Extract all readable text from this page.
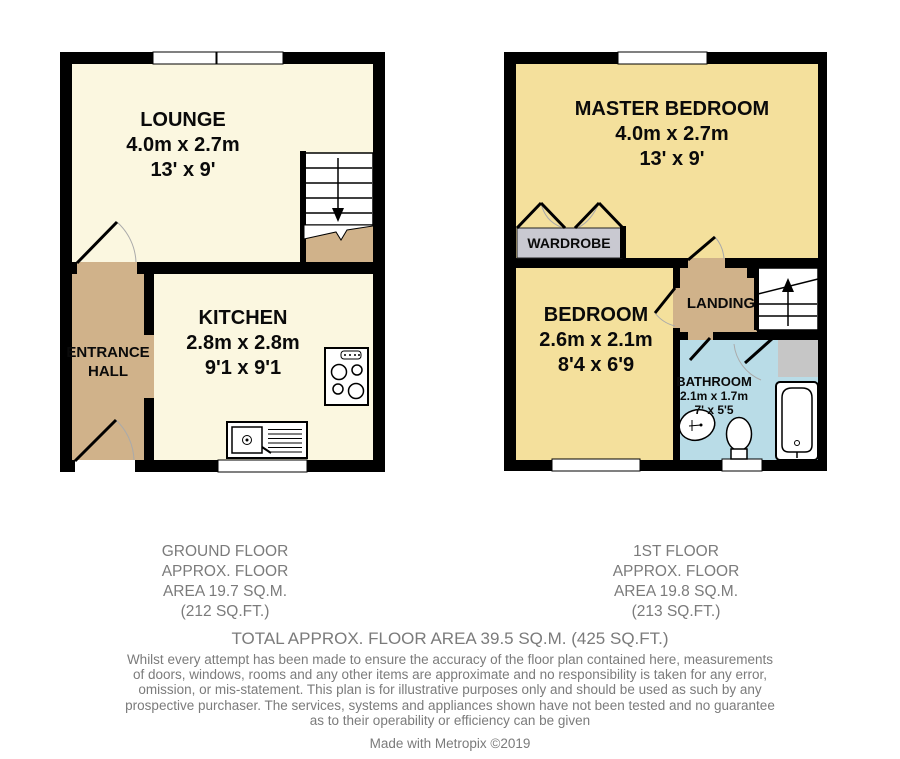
LOUNGE
4.0m x 2.7m
13' x 9'
KITCHEN
2.8m x 2.8m
9'1 x 9'1
ENTRANCE
HALL
MASTER BEDROOM
4.0m x 2.7m
13' x 9'
BEDROOM
2.6m x 2.1m
8'4 x 6'9
LANDING
BATHROOM
2.1m x 1.7m
7' x 5'5
WARDROBE
GROUND FLOOR
APPROX. FLOOR
AREA 19.7 SQ.M.
(212 SQ.FT.)
1ST FLOOR
APPROX. FLOOR
AREA 19.8 SQ.M.
(213 SQ.FT.)
TOTAL APPROX. FLOOR AREA 39.5 SQ.M. (425 SQ.FT.)
Whilst every attempt has been made to ensure the accuracy of the floor plan contained here, measurements
of doors, windows, rooms and any other items are approximate and no responsibility is taken for any error,
omission, or mis-statement. This plan is for illustrative purposes only and should be used as such by any
prospective purchaser. The services, systems and appliances shown have not been tested and no guarantee
as to their operability or efficiency can be given
Made with Metropix ©2019
